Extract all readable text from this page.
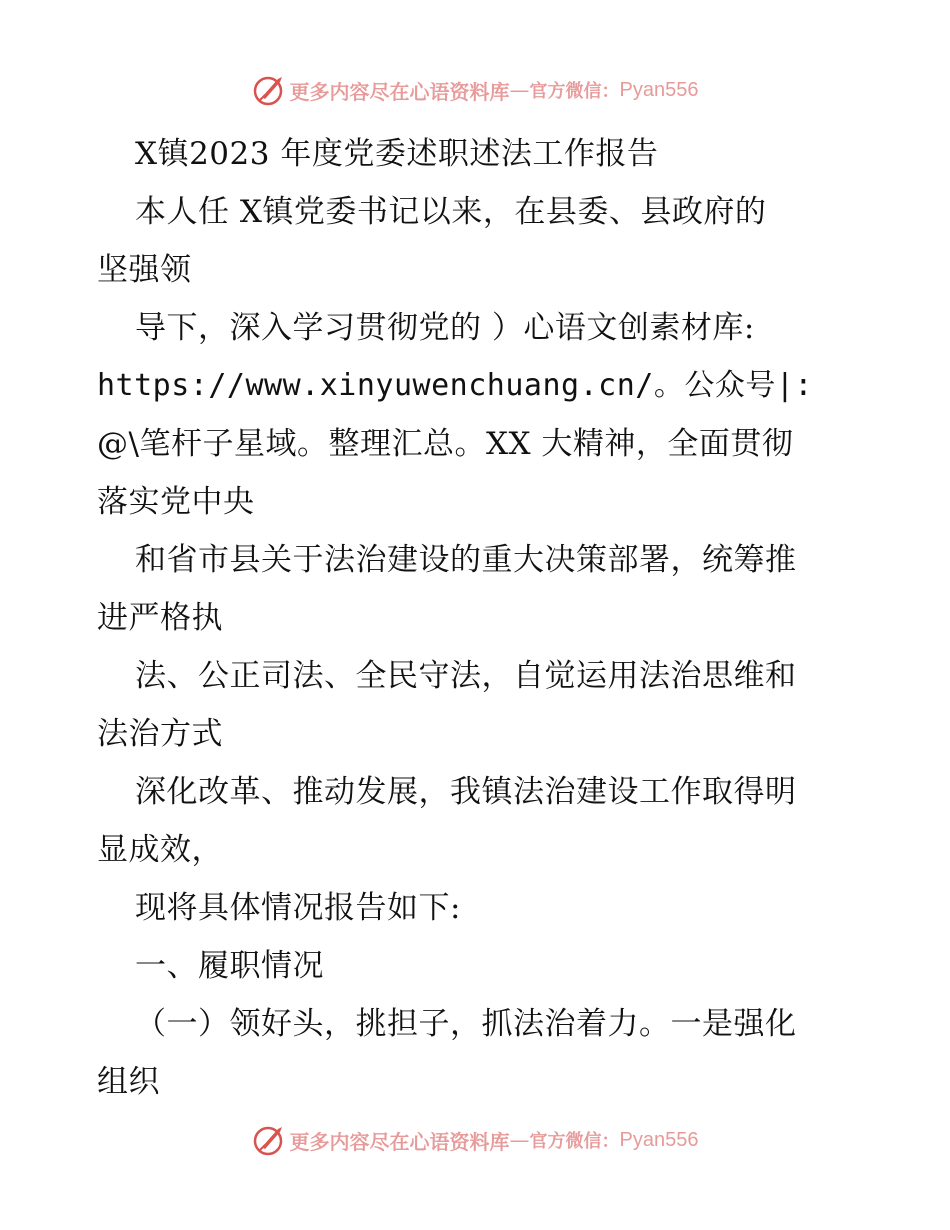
更多内容尽在心语资料库 — 官方微信： Pyan556
X镇2023 年度党委述职述法工作报告
本人任 X镇党委书记以来，在县委、县政府的
坚强领
导下，深入学习贯彻党的 ）心语文创素材库:
https://www.xinyuwenchuang.cn/。公众号|:
@\笔杆子星域。整理汇总。XX 大精神，全面贯彻
落实党中央
和省市县关于法治建设的重大决策部署，统筹推
进严格执
法、公正司法、全民守法，自觉运用法治思维和
法治方式
深化改革、推动发展，我镇法治建设工作取得明
显成效，
现将具体情况报告如下:
一、履职情况
（一）领好头，挑担子，抓法治着力。一是强化
组织
更多内容尽在心语资料库 — 官方微信： Pyan556
